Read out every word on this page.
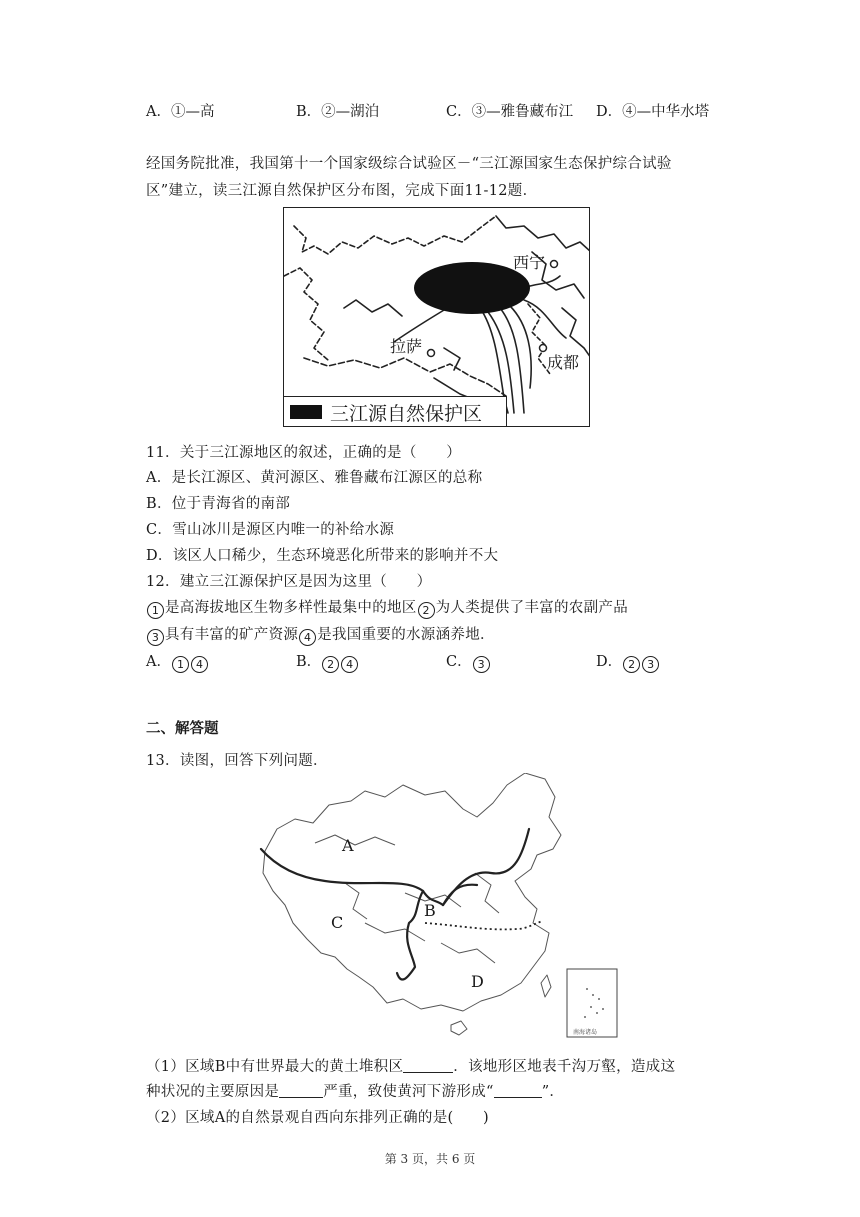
A．①—高	B．②—湖泊	C．③—雅鲁藏布江 D．④—中华水塔
经国务院批准，我国第十一个国家级综合试验区－“三江源国家生态保护综合试验
区”建立，读三江源自然保护区分布图，完成下面11-12题．
西宁
拉萨
成都
三江源自然保护区
11．关于三江源地区的叙述，正确的是（　　）
A．是长江源区、黄河源区、雅鲁藏布江源区的总称
B．位于青海省的南部
C．雪山冰川是源区内唯一的补给水源
D．该区人口稀少，生态环境恶化所带来的影响并不大
12．建立三江源保护区是因为这里（　　）
1 是高海拔地区生物多样性最集中的地区 2 为人类提供了丰富的农副产品
3 具有丰富的矿产资源 4 是我国重要的水源涵养地．
A． 1 4	B． 2 4	C． 3	D． 2 3
二、解答题
13．读图，回答下列问题．
A
B
C
D
南海诸岛
（1）区域B中有世界最大的黄土堆积区	．该地形区地表千沟万壑，造成这
种状况的主要原因是	严重，致使黄河下游形成“	”．
（2）区域A的自然景观自西向东排列正确的是(　　)
第 3 页，共 6 页
